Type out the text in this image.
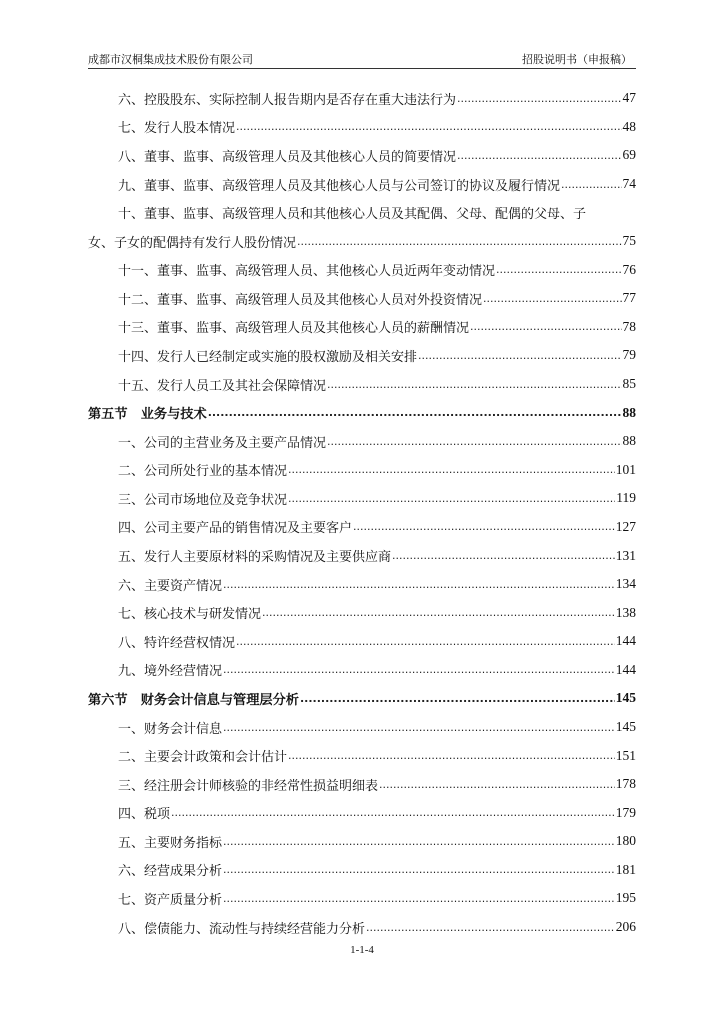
成都市汉桐集成技术股份有限公司	招股说明书（申报稿）
六、控股股东、实际控制人报告期内是否存在重大违法行为 .....	47
七、发行人股本情况 .....	48
八、董事、监事、高级管理人员及其他核心人员的简要情况 .....	69
九、董事、监事、高级管理人员及其他核心人员与公司签订的协议及履行情况 .....	74
十、董事、监事、高级管理人员和其他核心人员及其配偶、父母、配偶的父母、子
女、子女的配偶持有发行人股份情况 .....	75
十一、董事、监事、高级管理人员、其他核心人员近两年变动情况 .....	76
十二、董事、监事、高级管理人员及其他核心人员对外投资情况 .....	77
十三、董事、监事、高级管理人员及其他核心人员的薪酬情况 .....	78
十四、发行人已经制定或实施的股权激励及相关安排 .....	79
十五、发行人员工及其社会保障情况 .....	85
第五节　业务与技术 .....	88
一、公司的主营业务及主要产品情况 .....	88
二、公司所处行业的基本情况 .....	101
三、公司市场地位及竞争状况 .....	119
四、公司主要产品的销售情况及主要客户 .....	127
五、发行人主要原材料的采购情况及主要供应商 .....	131
六、主要资产情况 .....	134
七、核心技术与研发情况 .....	138
八、特许经营权情况 .....	144
九、境外经营情况 .....	144
第六节　财务会计信息与管理层分析 .....	145
一、财务会计信息 .....	145
二、主要会计政策和会计估计 .....	151
三、经注册会计师核验的非经常性损益明细表 .....	178
四、税项 .....	179
五、主要财务指标 .....	180
六、经营成果分析 .....	181
七、资产质量分析 .....	195
八、偿债能力、流动性与持续经营能力分析 .....	206
1-1-4
